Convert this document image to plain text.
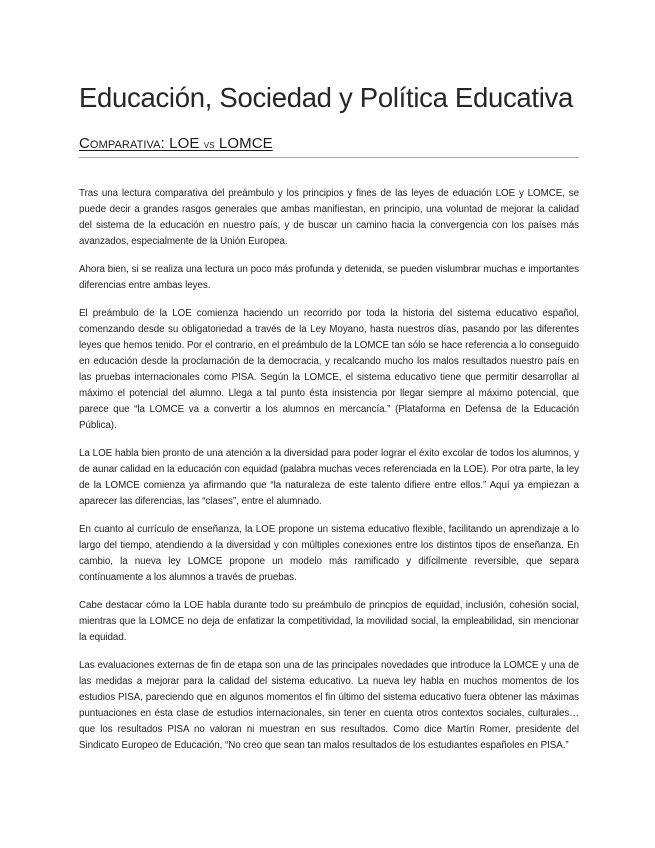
Educación, Sociedad y Política Educativa
Comparativa: LOE vs LOMCE

Tras una lectura comparativa del preámbulo y los principios y fines de las leyes de eduación LOE y LOMCE, se puede decir a grandes rasgos generales que ambas manifiestan, en principio, una voluntad de mejorar la calidad del sistema de la educación en nuestro país, y de buscar un camino hacia la convergencia con los países más avanzados, especialmente de la Unión Europea.

Ahora bien, si se realiza una lectura un poco más profunda y detenida, se pueden vislumbrar muchas e importantes diferencias entre ambas leyes.

El preámbulo de la LOE comienza haciendo un recorrido por toda la historia del sistema educativo español, comenzando desde su obligatoriedad a través de la Ley Moyano, hasta nuestros días, pasando por las diferentes leyes que hemos tenido. Por el contrario, en el preámbulo de la LOMCE tan sólo se hace referencia a lo conseguido en educación desde la proclamación de la democracia, y recalcando mucho los malos resultados nuestro país en las pruebas internacionales como PISA. Según la LOMCE, el sistema educativo tiene que permitir desarrollar al máximo el potencial del alumno. Llega a tal punto ésta insistencia por llegar siempre al máximo potencial, que parece que “la LOMCE va a convertir a los alumnos en mercancía.” (Plataforma en Defensa de la Educación Pública).

La LOE habla bien pronto de una atención a la diversidad para poder lograr el éxito excolar de todos los alumnos, y de aunar calidad en la educación con equidad (palabra muchas veces referenciada en la LOE). Por otra parte, la ley de la LOMCE comienza ya afirmando que “la naturaleza de este talento difiere entre ellos.” Aquí ya empiezan a aparecer las diferencias, las “clases”, entre el alumnado.

En cuanto al currículo de enseñanza, la LOE propone un sistema educativo flexible, facilitando un aprendizaje a lo largo del tiempo, atendiendo a la diversidad y con múltiples conexiones entre los distintos tipos de enseñanza. En cambio, la nueva ley LOMCE propone un modelo más ramificado y difícilmente reversible, que separa contínuamente a los alumnos a través de pruebas.

Cabe destacar cómo la LOE habla durante todo su preámbulo de princpios de equidad, inclusión, cohesión social, mientras que la LOMCE no deja de enfatizar la competitividad, la movilidad social, la empleabilidad, sin mencionar la equidad.

Las evaluaciones externas de fin de etapa son una de las principales novedades que introduce la LOMCE y una de las medidas a mejorar para la calidad del sistema educativo. La nueva ley habla en muchos momentos de los estudios PISA, pareciendo que en algunos momentos el fin último del sistema educativo fuera obtener las máximas puntuaciones en ésta clase de estudios internacionales, sin tener en cuenta otros contextos sociales, culturales… que los resultados PISA no valoran ni muestran en sus resultados. Como dice Martín Romer, presidente del Sindicato Europeo de Educación, “No creo que sean tan malos resultados de los estudiantes españoles en PISA.”
